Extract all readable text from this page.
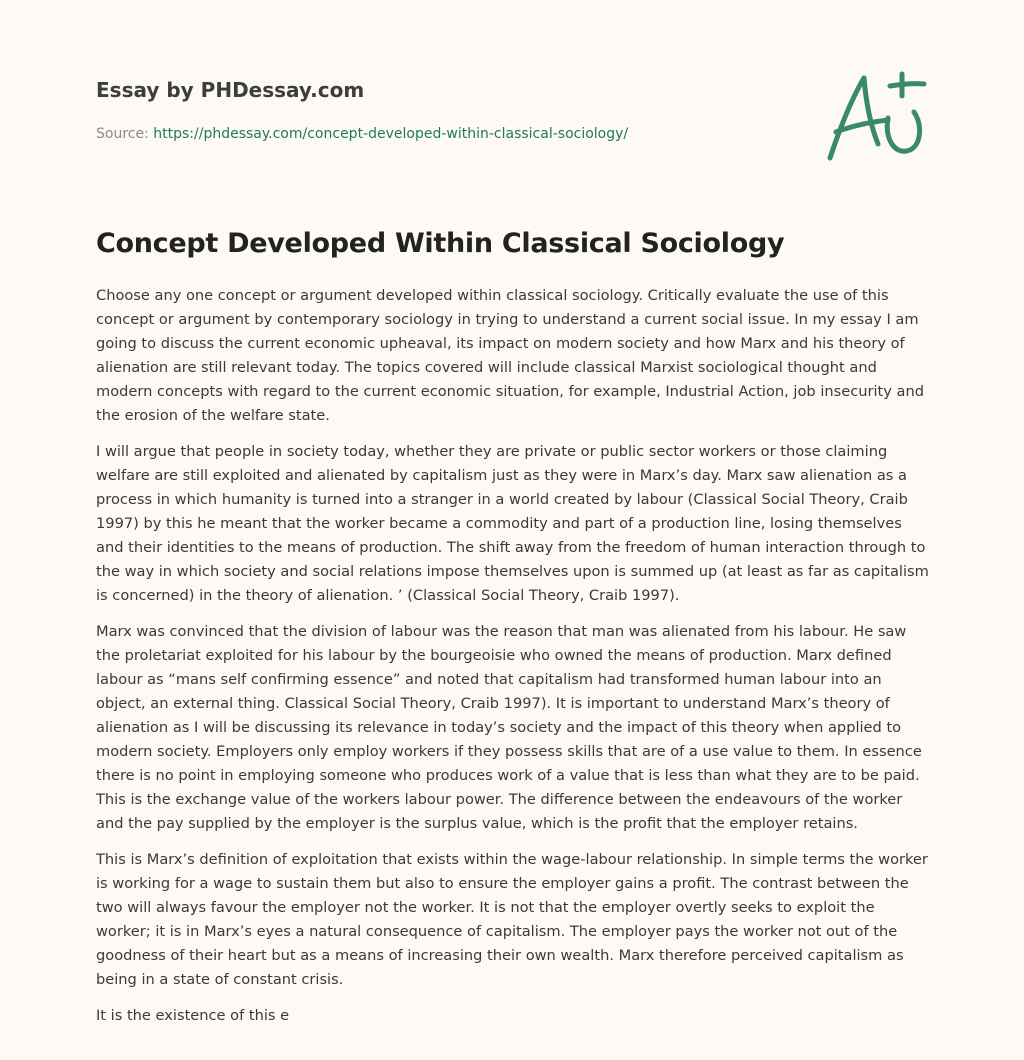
Essay by PHDessay.com
Source: https://phdessay.com/concept-developed-within-classical-sociology/
Concept Developed Within Classical Sociology

Choose any one concept or argument developed within classical sociology. Critically evaluate the use of this concept or argument by contemporary sociology in trying to understand a current social issue. In my essay I am going to discuss the current economic upheaval, its impact on modern society and how Marx and his theory of alienation are still relevant today. The topics covered will include classical Marxist sociological thought and modern concepts with regard to the current economic situation, for example, Industrial Action, job insecurity and the erosion of the welfare state.

I will argue that people in society today, whether they are private or public sector workers or those claiming welfare are still exploited and alienated by capitalism just as they were in Marx’s day. Marx saw alienation as a process in which humanity is turned into a stranger in a world created by labour (Classical Social Theory, Craib 1997) by this he meant that the worker became a commodity and part of a production line, losing themselves and their identities to the means of production. The shift away from the freedom of human interaction through to the way in which society and social relations impose themselves upon is summed up (at least as far as capitalism is concerned) in the theory of alienation. ’ (Classical Social Theory, Craib 1997).

Marx was convinced that the division of labour was the reason that man was alienated from his labour. He saw the proletariat exploited for his labour by the bourgeoisie who owned the means of production. Marx defined labour as “mans self confirming essence” and noted that capitalism had transformed human labour into an object, an external thing. Classical Social Theory, Craib 1997). It is important to understand Marx’s theory of alienation as I will be discussing its relevance in today’s society and the impact of this theory when applied to modern society. Employers only employ workers if they possess skills that are of a use value to them. In essence there is no point in employing someone who produces work of a value that is less than what they are to be paid. This is the exchange value of the workers labour power. The difference between the endeavours of the worker and the pay supplied by the employer is the surplus value, which is the profit that the employer retains.

This is Marx’s definition of exploitation that exists within the wage-labour relationship. In simple terms the worker is working for a wage to sustain them but also to ensure the employer gains a profit. The contrast between the two will always favour the employer not the worker. It is not that the employer overtly seeks to exploit the worker; it is in Marx’s eyes a natural consequence of capitalism. The employer pays the worker not out of the goodness of their heart but as a means of increasing their own wealth. Marx therefore perceived capitalism as being in a state of constant crisis.

It is the existence of this e
